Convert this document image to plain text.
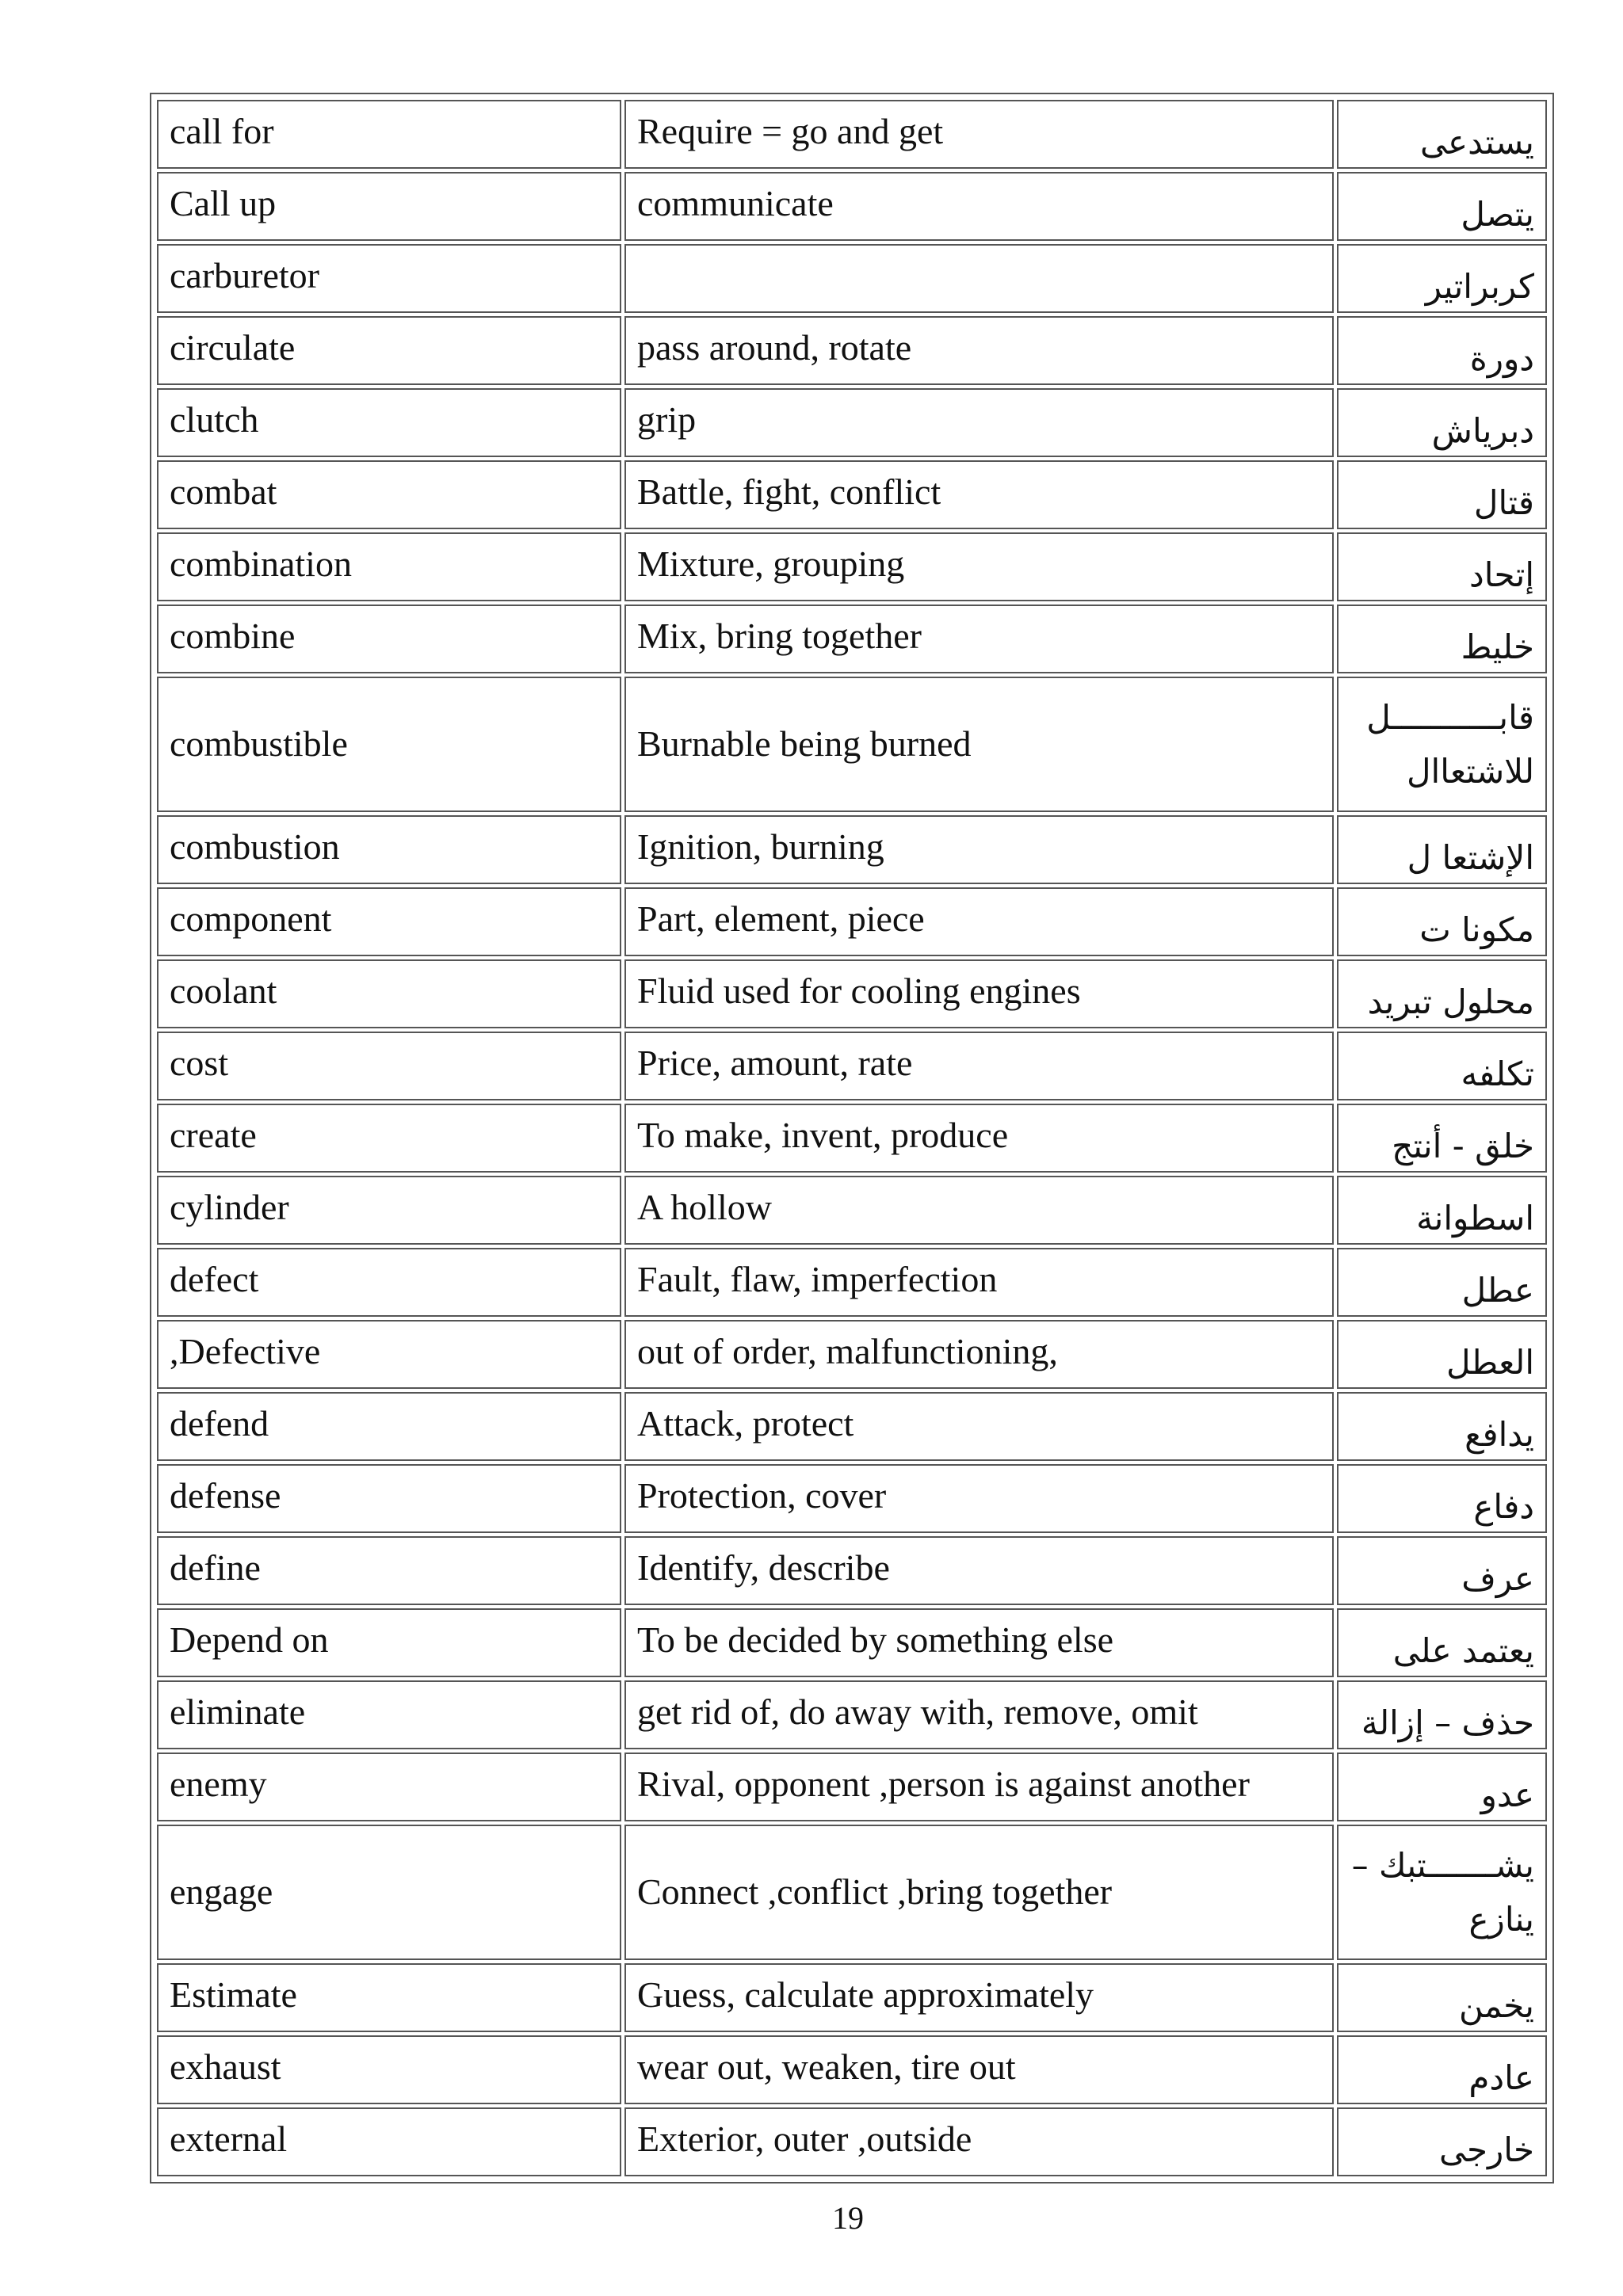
call for	Require = go and get	يستدعى
Call up	communicate	يتصل
carburetor		كربراتير
circulate	pass around, rotate	دورة
clutch	grip	دبرياش
combat	Battle, fight, conflict	قتال
combination	Mixture, grouping	إتحاد
combine	Mix, bring together	خليط
combustible	Burnable being burned	قابـــــــــــل للاشتعاال
combustion	Ignition, burning	الإشتعا ل
component	Part, element, piece	مكونا ت
coolant	Fluid used for cooling engines	محلول تبريد
cost	Price, amount, rate	تكلفه
create	To make, invent, produce	خلق - أنتج
cylinder	A hollow	اسطوانة
defect	Fault, flaw, imperfection	عطل
,Defective	out of order, malfunctioning,	العطل
defend	Attack, protect	يدافع
defense	Protection, cover	دفاع
define	Identify, describe	عرف
Depend on	To be decided by something else	يعتمد على
eliminate	get rid of, do away with, remove, omit	حذف – إزالة
enemy	Rival, opponent ,person is against another	عدو
engage	Connect ,conflict ,bring together	يشـــــــتبك – ينازع
Estimate	Guess, calculate approximately	يخمن
exhaust	wear out, weaken, tire out	عادم
external	Exterior, outer ,outside	خارجى
19
